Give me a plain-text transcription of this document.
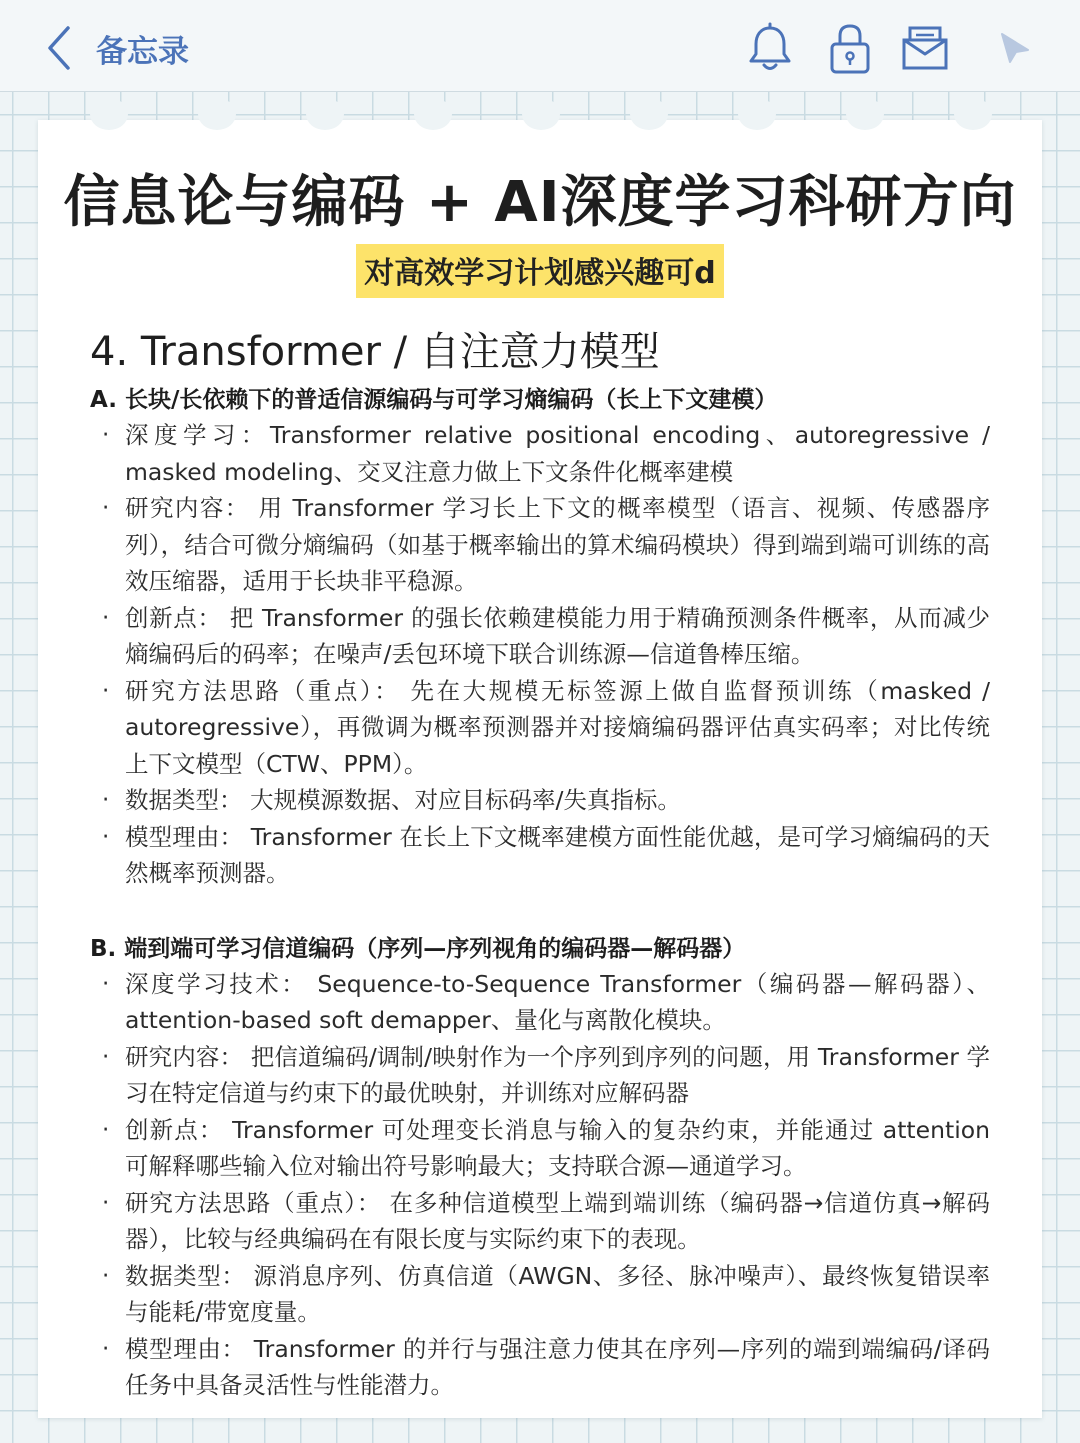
备忘录
信息论与编码 + AI深度学习科研方向
对高效学习计划感兴趣可d
4. Transformer / 自注意力模型
A. 长块/长依赖下的普适信源编码与可学习熵编码（长上下文建模）
· 深度学习：Transformer relative positional encoding、autoregressive / masked modeling、交叉注意力做上下文条件化概率建模
· 研究内容： 用 Transformer 学习长上下文的概率模型（语言、视频、传感器序列），结合可微分熵编码（如基于概率输出的算术编码模块）得到端到端可训练的高效压缩器，适用于长块非平稳源。
· 创新点： 把 Transformer 的强长依赖建模能力用于精确预测条件概率，从而减少熵编码后的码率；在噪声/丢包环境下联合训练源—信道鲁棒压缩。
· 研究方法思路（重点）： 先在大规模无标签源上做自监督预训练（masked / autoregressive），再微调为概率预测器并对接熵编码器评估真实码率；对比传统上下文模型（CTW、PPM）。
· 数据类型： 大规模源数据、对应目标码率/失真指标。
· 模型理由： Transformer 在长上下文概率建模方面性能优越，是可学习熵编码的天然概率预测器。
B. 端到端可学习信道编码（序列—序列视角的编码器—解码器）
· 深度学习技术： Sequence-to-Sequence Transformer（编码器—解码器）、attention-based soft demapper、量化与离散化模块。
· 研究内容： 把信道编码/调制/映射作为一个序列到序列的问题，用 Transformer 学习在特定信道与约束下的最优映射，并训练对应解码器
· 创新点： Transformer 可处理变长消息与输入的复杂约束，并能通过 attention 可解释哪些输入位对输出符号影响最大；支持联合源—通道学习。
· 研究方法思路（重点）： 在多种信道模型上端到端训练（编码器→信道仿真→解码器），比较与经典编码在有限长度与实际约束下的表现。
· 数据类型： 源消息序列、仿真信道（AWGN、多径、脉冲噪声）、最终恢复错误率与能耗/带宽度量。
· 模型理由： Transformer 的并行与强注意力使其在序列—序列的端到端编码/译码任务中具备灵活性与性能潜力。
